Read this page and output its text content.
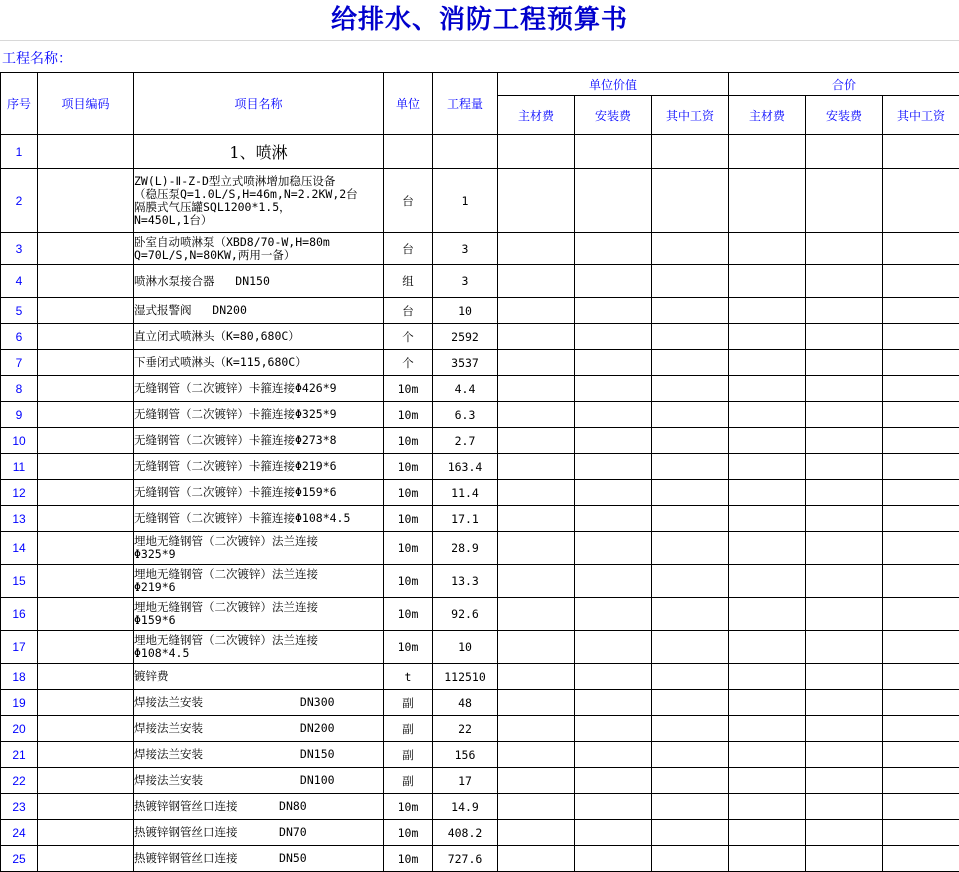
给排水、消防工程预算书
工程名称：
序号	项目编码	项目名称	单位	工程量	单位价值			合价		
					主材费	安装费	其中工资	主材费	安装费	其中工资
1		1、喷淋								
2		ZW(L)-Ⅱ-Z-D型立式喷淋增加稳压设备
（稳压泵Q=1.0L/S,H=46m,N=2.2KW,2台
隔膜式气压罐SQL1200*1.5，
N=450L,1台）	台	1						
3		卧室自动喷淋泵（XBD8/70-W,H=80m
Q=70L/S,N=80KW,两用一备）	台	3						
4		喷淋水泵接合器   DN150	组	3						
5		湿式报警阀   DN200	台	10						
6		直立闭式喷淋头（K=80,680C）	个	2592						
7		下垂闭式喷淋头（K=115,680C）	个	3537						
8		无缝钢管（二次镀锌）卡箍连接Φ426*9	10m	4.4						
9		无缝钢管（二次镀锌）卡箍连接Φ325*9	10m	6.3						
10		无缝钢管（二次镀锌）卡箍连接Φ273*8	10m	2.7						
11		无缝钢管（二次镀锌）卡箍连接Φ219*6	10m	163.4						
12		无缝钢管（二次镀锌）卡箍连接Φ159*6	10m	11.4						
13		无缝钢管（二次镀锌）卡箍连接Φ108*4.5	10m	17.1						
14		埋地无缝钢管（二次镀锌）法兰连接
Φ325*9	10m	28.9						
15		埋地无缝钢管（二次镀锌）法兰连接
Φ219*6	10m	13.3						
16		埋地无缝钢管（二次镀锌）法兰连接
Φ159*6	10m	92.6						
17		埋地无缝钢管（二次镀锌）法兰连接
Φ108*4.5	10m	10						
18		镀锌费	t	112510						
19		焊接法兰安装              DN300	副	48						
20		焊接法兰安装              DN200	副	22						
21		焊接法兰安装              DN150	副	156						
22		焊接法兰安装              DN100	副	17						
23		热镀锌钢管丝口连接      DN80	10m	14.9						
24		热镀锌钢管丝口连接      DN70	10m	408.2						
25		热镀锌钢管丝口连接      DN50	10m	727.6						
